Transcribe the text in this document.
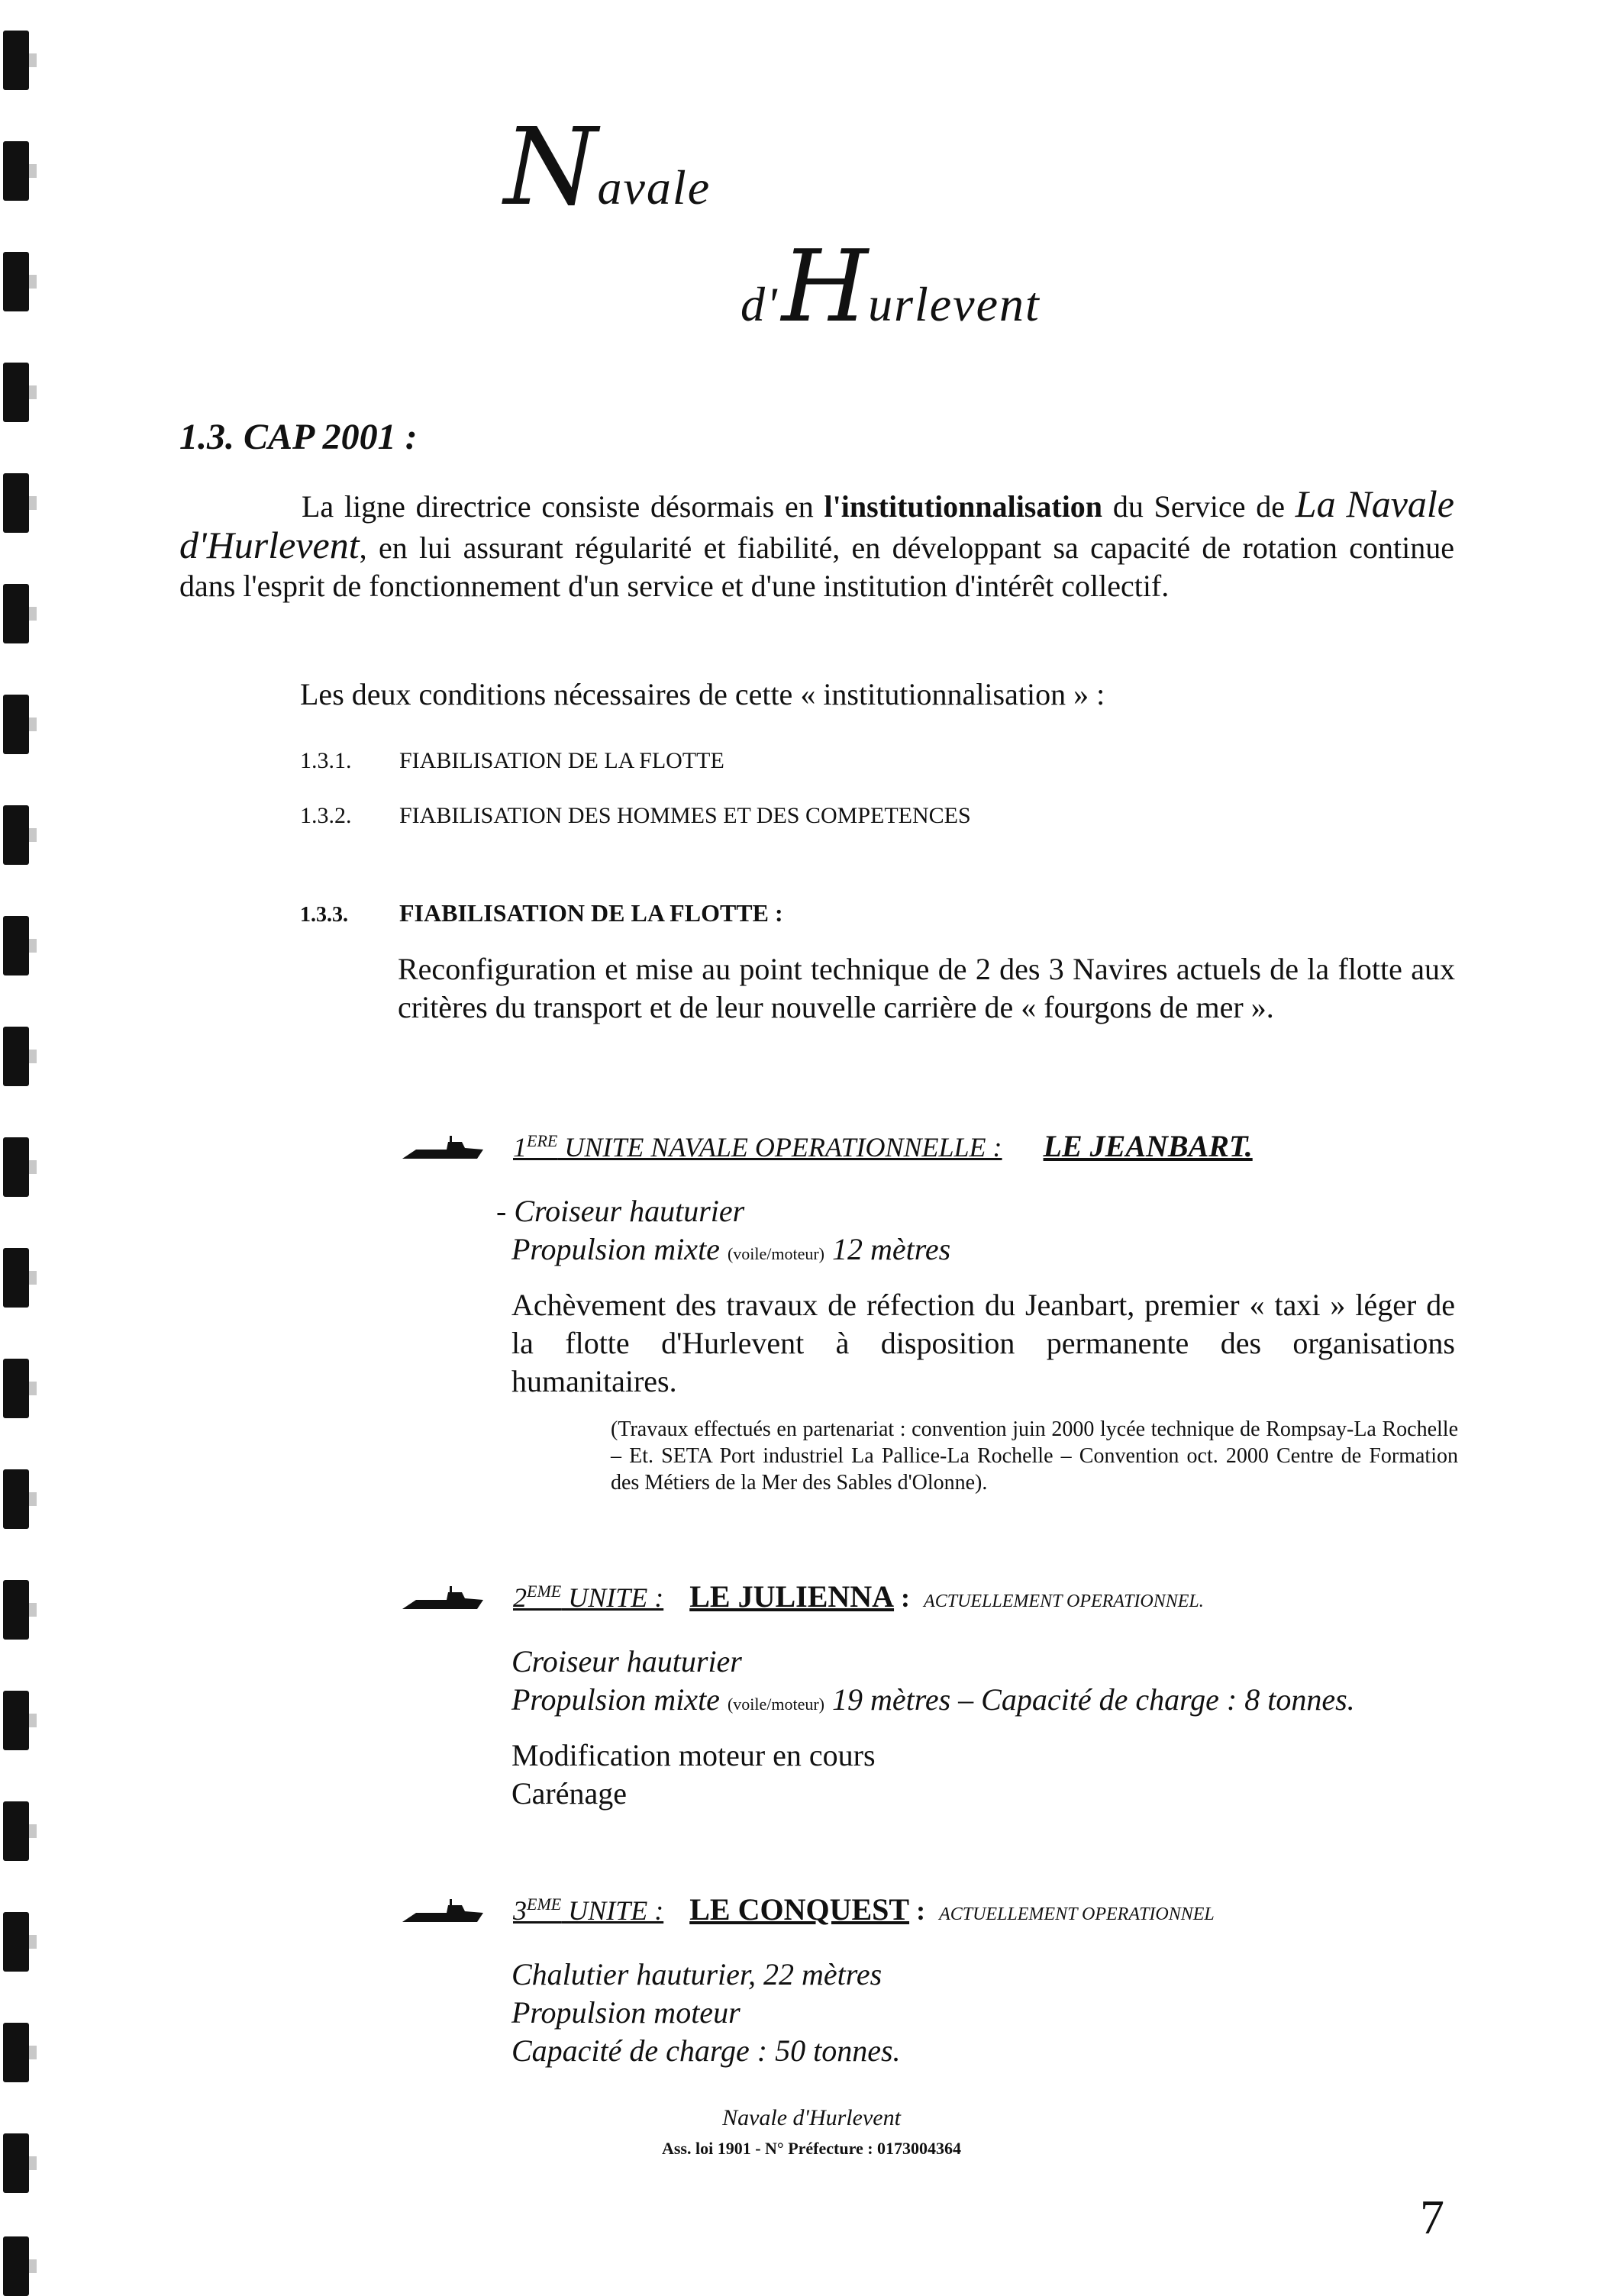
Navale
d' Hurlevent
1.3. CAP 2001 :
La ligne directrice consiste désormais en l'institutionnalisation du Service de La Navale d'Hurlevent, en lui assurant régularité et fiabilité, en développant sa capacité de rotation continue dans l'esprit de fonctionnement d'un service et d'une institution d'intérêt collectif.
Les deux conditions nécessaires de cette « institutionnalisation » :
1.3.1. FIABILISATION DE LA FLOTTE
1.3.2. FIABILISATION DES HOMMES ET DES COMPETENCES
1.3.3. FIABILISATION DE LA FLOTTE :
Reconfiguration et mise au point technique de 2 des 3 Navires actuels de la flotte aux critères du transport et de leur nouvelle carrière de « fourgons de mer ».
1ERE UNITE NAVALE OPERATIONNELLE : LE JEANBART.
- Croiseur hauturier
Propulsion mixte (voile/moteur) 12 mètres
Achèvement des travaux de réfection du Jeanbart, premier « taxi » léger de la flotte d'Hurlevent à disposition permanente des organisations humanitaires.
(Travaux effectués en partenariat : convention juin 2000 lycée technique de Rompsay-La Rochelle – Et. SETA Port industriel La Pallice-La Rochelle – Convention oct. 2000 Centre de Formation des Métiers de la Mer des Sables d'Olonne).
2EME UNITE : LE JULIENNA : ACTUELLEMENT OPERATIONNEL.
Croiseur hauturier
Propulsion mixte (voile/moteur) 19 mètres – Capacité de charge : 8 tonnes.
Modification moteur en cours
Carénage
3EME UNITE : LE CONQUEST : ACTUELLEMENT OPERATIONNEL
Chalutier hauturier, 22 mètres
Propulsion moteur
Capacité de charge : 50 tonnes.
Navale d'Hurlevent
Ass. loi 1901 - N° Préfecture : 0173004364
7
